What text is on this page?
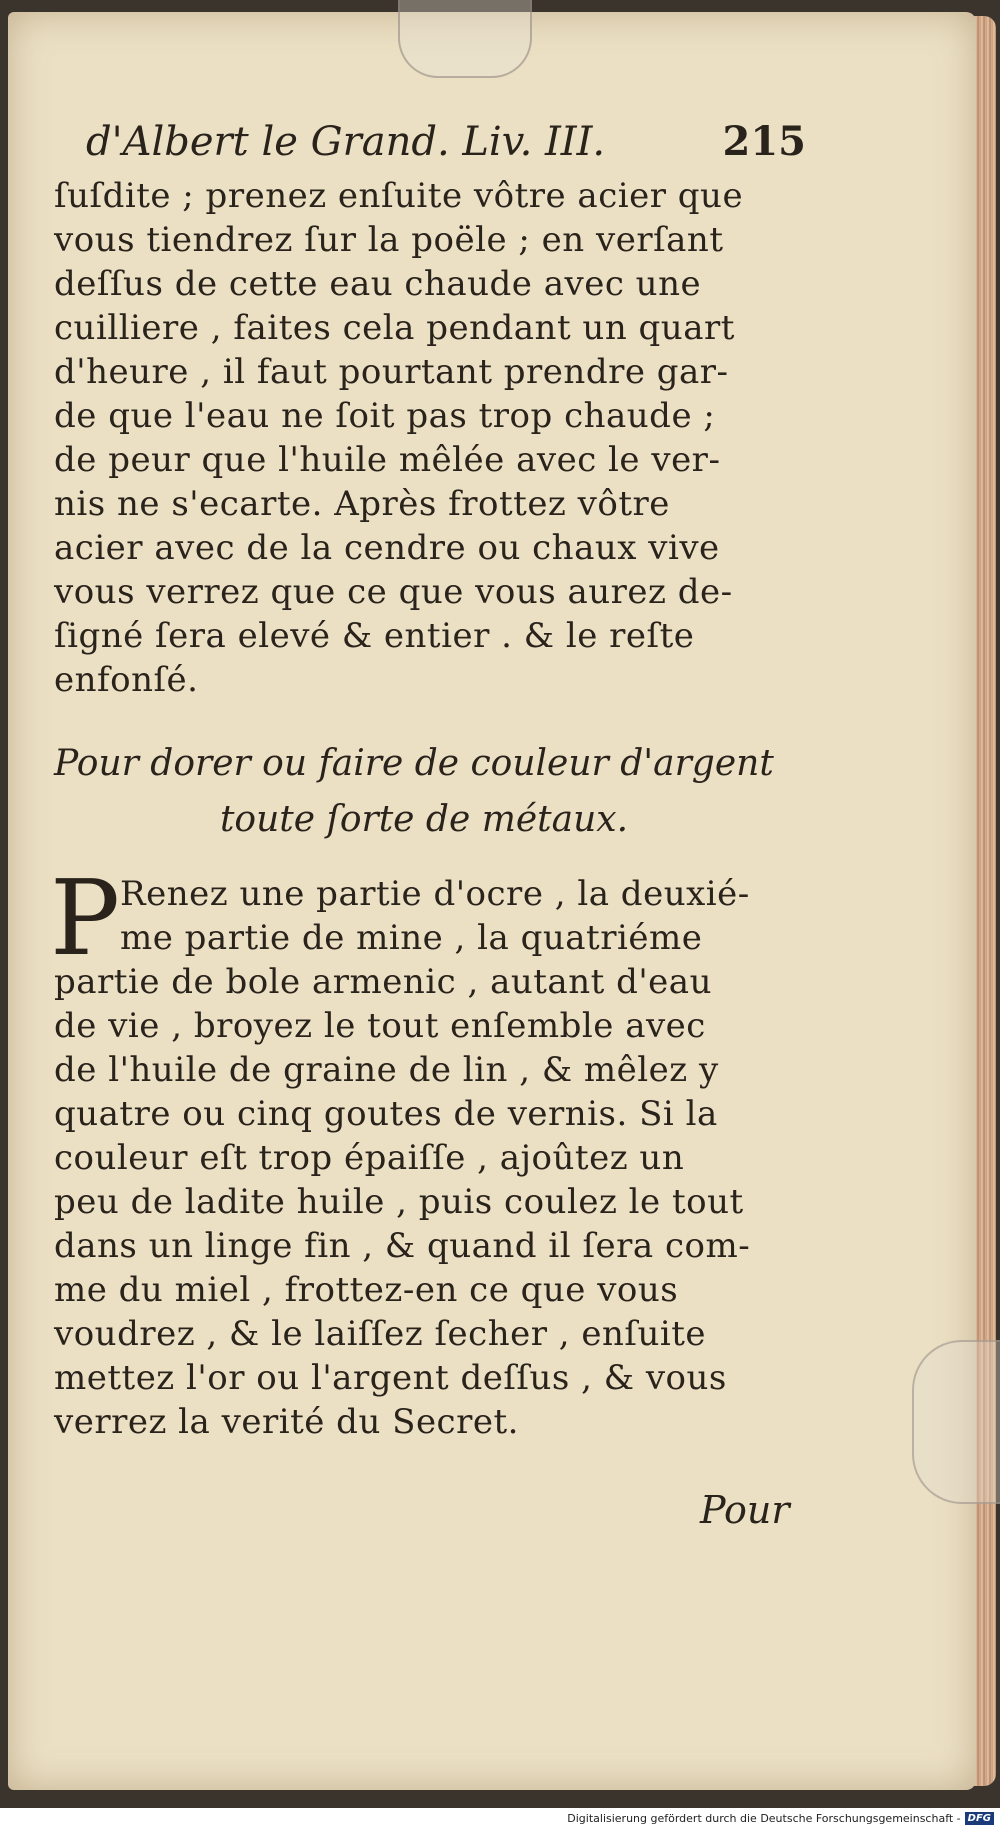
d'Albert le Grand. Liv. III.	215
ſuſdite ; prenez enſuite vôtre acier que
vous tiendrez ſur la poële ; en verſant
deſſus de cette eau chaude avec une
cuilliere , faites cela pendant un quart
d'heure , il faut pourtant prendre gar-
de que l'eau ne ſoit pas trop chaude ;
de peur que l'huile mêlée avec le ver-
nis ne s'ecarte. Après frottez vôtre
acier avec de la cendre ou chaux vive
vous verrez que ce que vous aurez de-
ſigné ſera elevé & entier . & le reſte
enfonſé.
Pour dorer ou faire de couleur d'argent
toute ſorte de métaux.
P Renez une partie d'ocre , la deuxié-
me partie de mine , la quatriéme
partie de bole armenic , autant d'eau
de vie , broyez le tout enſemble avec
de l'huile de graine de lin , & mêlez y
quatre ou cinq goutes de vernis. Si la
couleur eſt trop épaiſſe , ajoûtez un
peu de ladite huile , puis coulez le tout
dans un linge fin , & quand il ſera com-
me du miel , frottez-en ce que vous
voudrez , & le laiſſez ſecher , enſuite
mettez l'or ou l'argent deſſus , & vous
verrez la verité du Secret.
Pour
Digitalisierung gefördert durch die Deutsche Forschungsgemeinschaft - DFG
